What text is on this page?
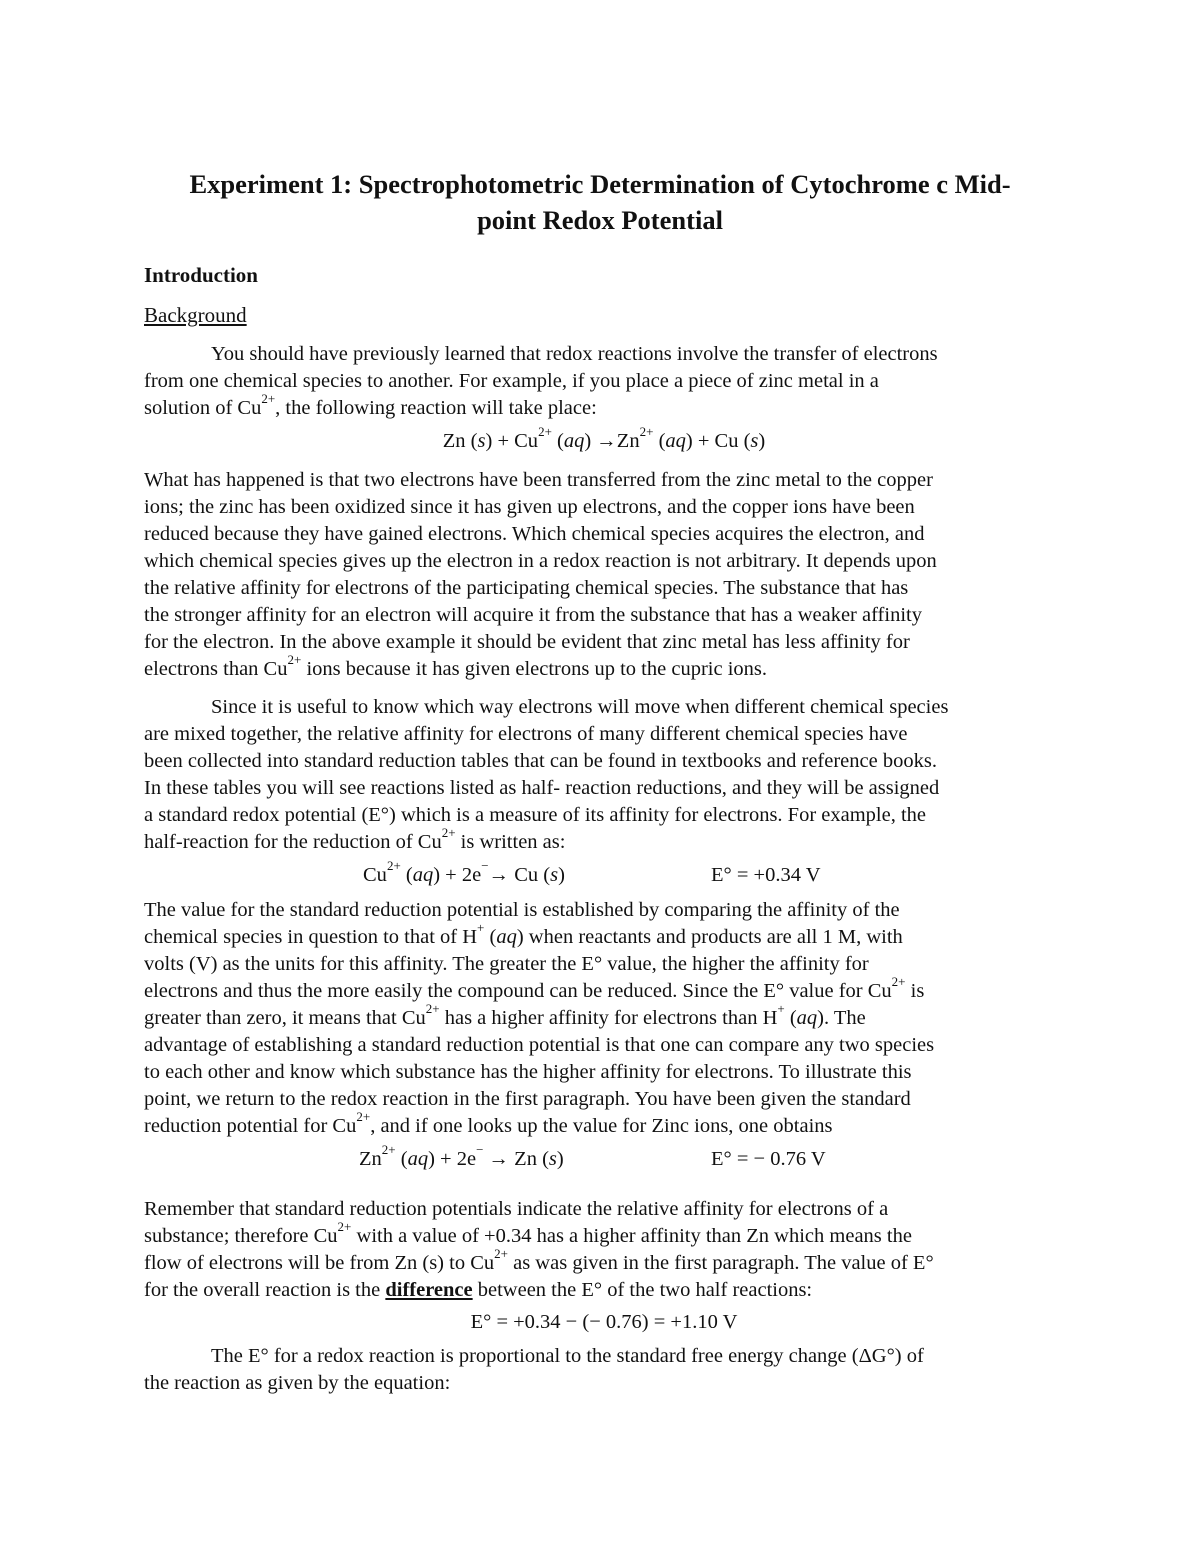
Experiment 1: Spectrophotometric Determination of Cytochrome c Mid-
point Redox Potential
Introduction
Background
You should have previously learned that redox reactions involve the transfer of electrons
from one chemical species to another. For example, if you place a piece of zinc metal in a
solution of $Cu^{2+}$, the following reaction will take place:
Zn $(s) + Cu^{2+}$ $(aq) \to Zn^{2+}$ (aq) + Cu (s)
What has happened is that two electrons have been transferred from the zinc metal to the copper
ions; the zinc has been oxidized since it has given up electrons, and the copper ions have been
reduced because they have gained electrons. Which chemical species acquires the electron, and
which chemical species gives up the electron in a redox reaction is not arbitrary. It depends upon
the relative affinity for electrons of the participating chemical species. The substance that has
the stronger affinity for an electron will acquire it from the substance that has a weaker affinity
for the electron. In the above example it should be evident that zinc metal has less affinity for
electrons than $Cu^{2+}$ ions because it has given electrons up to the cupric ions.
Since it is useful to know which way electrons will move when different chemical species
are mixed together, the relative affinity for electrons of many different chemical species have
been collected into standard reduction tables that can be found in textbooks and reference books.
In these tables you will see reactions listed as half- reaction reductions, and they will be assigned
a standard redox potential (E°) which is a measure of its affinity for electrons. For example, the
half-reaction for the reduction of $Cu^{2+}$ is written as:
$Cu^{2+}$ (aq) + 2e−→ Cu (s)	E° = +0.34 V
The value for the standard reduction potential is established by comparing the affinity of the
chemical species in question to that of H+ (aq) when reactants and products are all 1 M, with
volts (V) as the units for this affinity. The greater the E° value, the higher the affinity for
electrons and thus the more easily the compound can be reduced. Since the E° value for $Cu^{2+}$ is
greater than zero, it means that $Cu^{2+}$ has a higher affinity for electrons than H+ (aq). The
advantage of establishing a standard reduction potential is that one can compare any two species
to each other and know which substance has the higher affinity for electrons. To illustrate this
point, we return to the redox reaction in the first paragraph. You have been given the standard
reduction potential for $Cu^{2+}$, and if one looks up the value for Zinc ions, one obtains
$Zn^{2+}$ (aq) + 2e− → Zn (s)	E° = − 0.76 V
Remember that standard reduction potentials indicate the relative affinity for electrons of a
substance; therefore $Cu^{2+}$ with a value of +0.34 has a higher affinity than Zn which means the
flow of electrons will be from Zn (s) to $Cu^{2+}$ as was given in the first paragraph. The value of E°
for the overall reaction is the difference between the E° of the two half reactions:
E° = +0.34 − (− 0.76) = +1.10 V
The E° for a redox reaction is proportional to the standard free energy change (ΔG°) of
the reaction as given by the equation:
